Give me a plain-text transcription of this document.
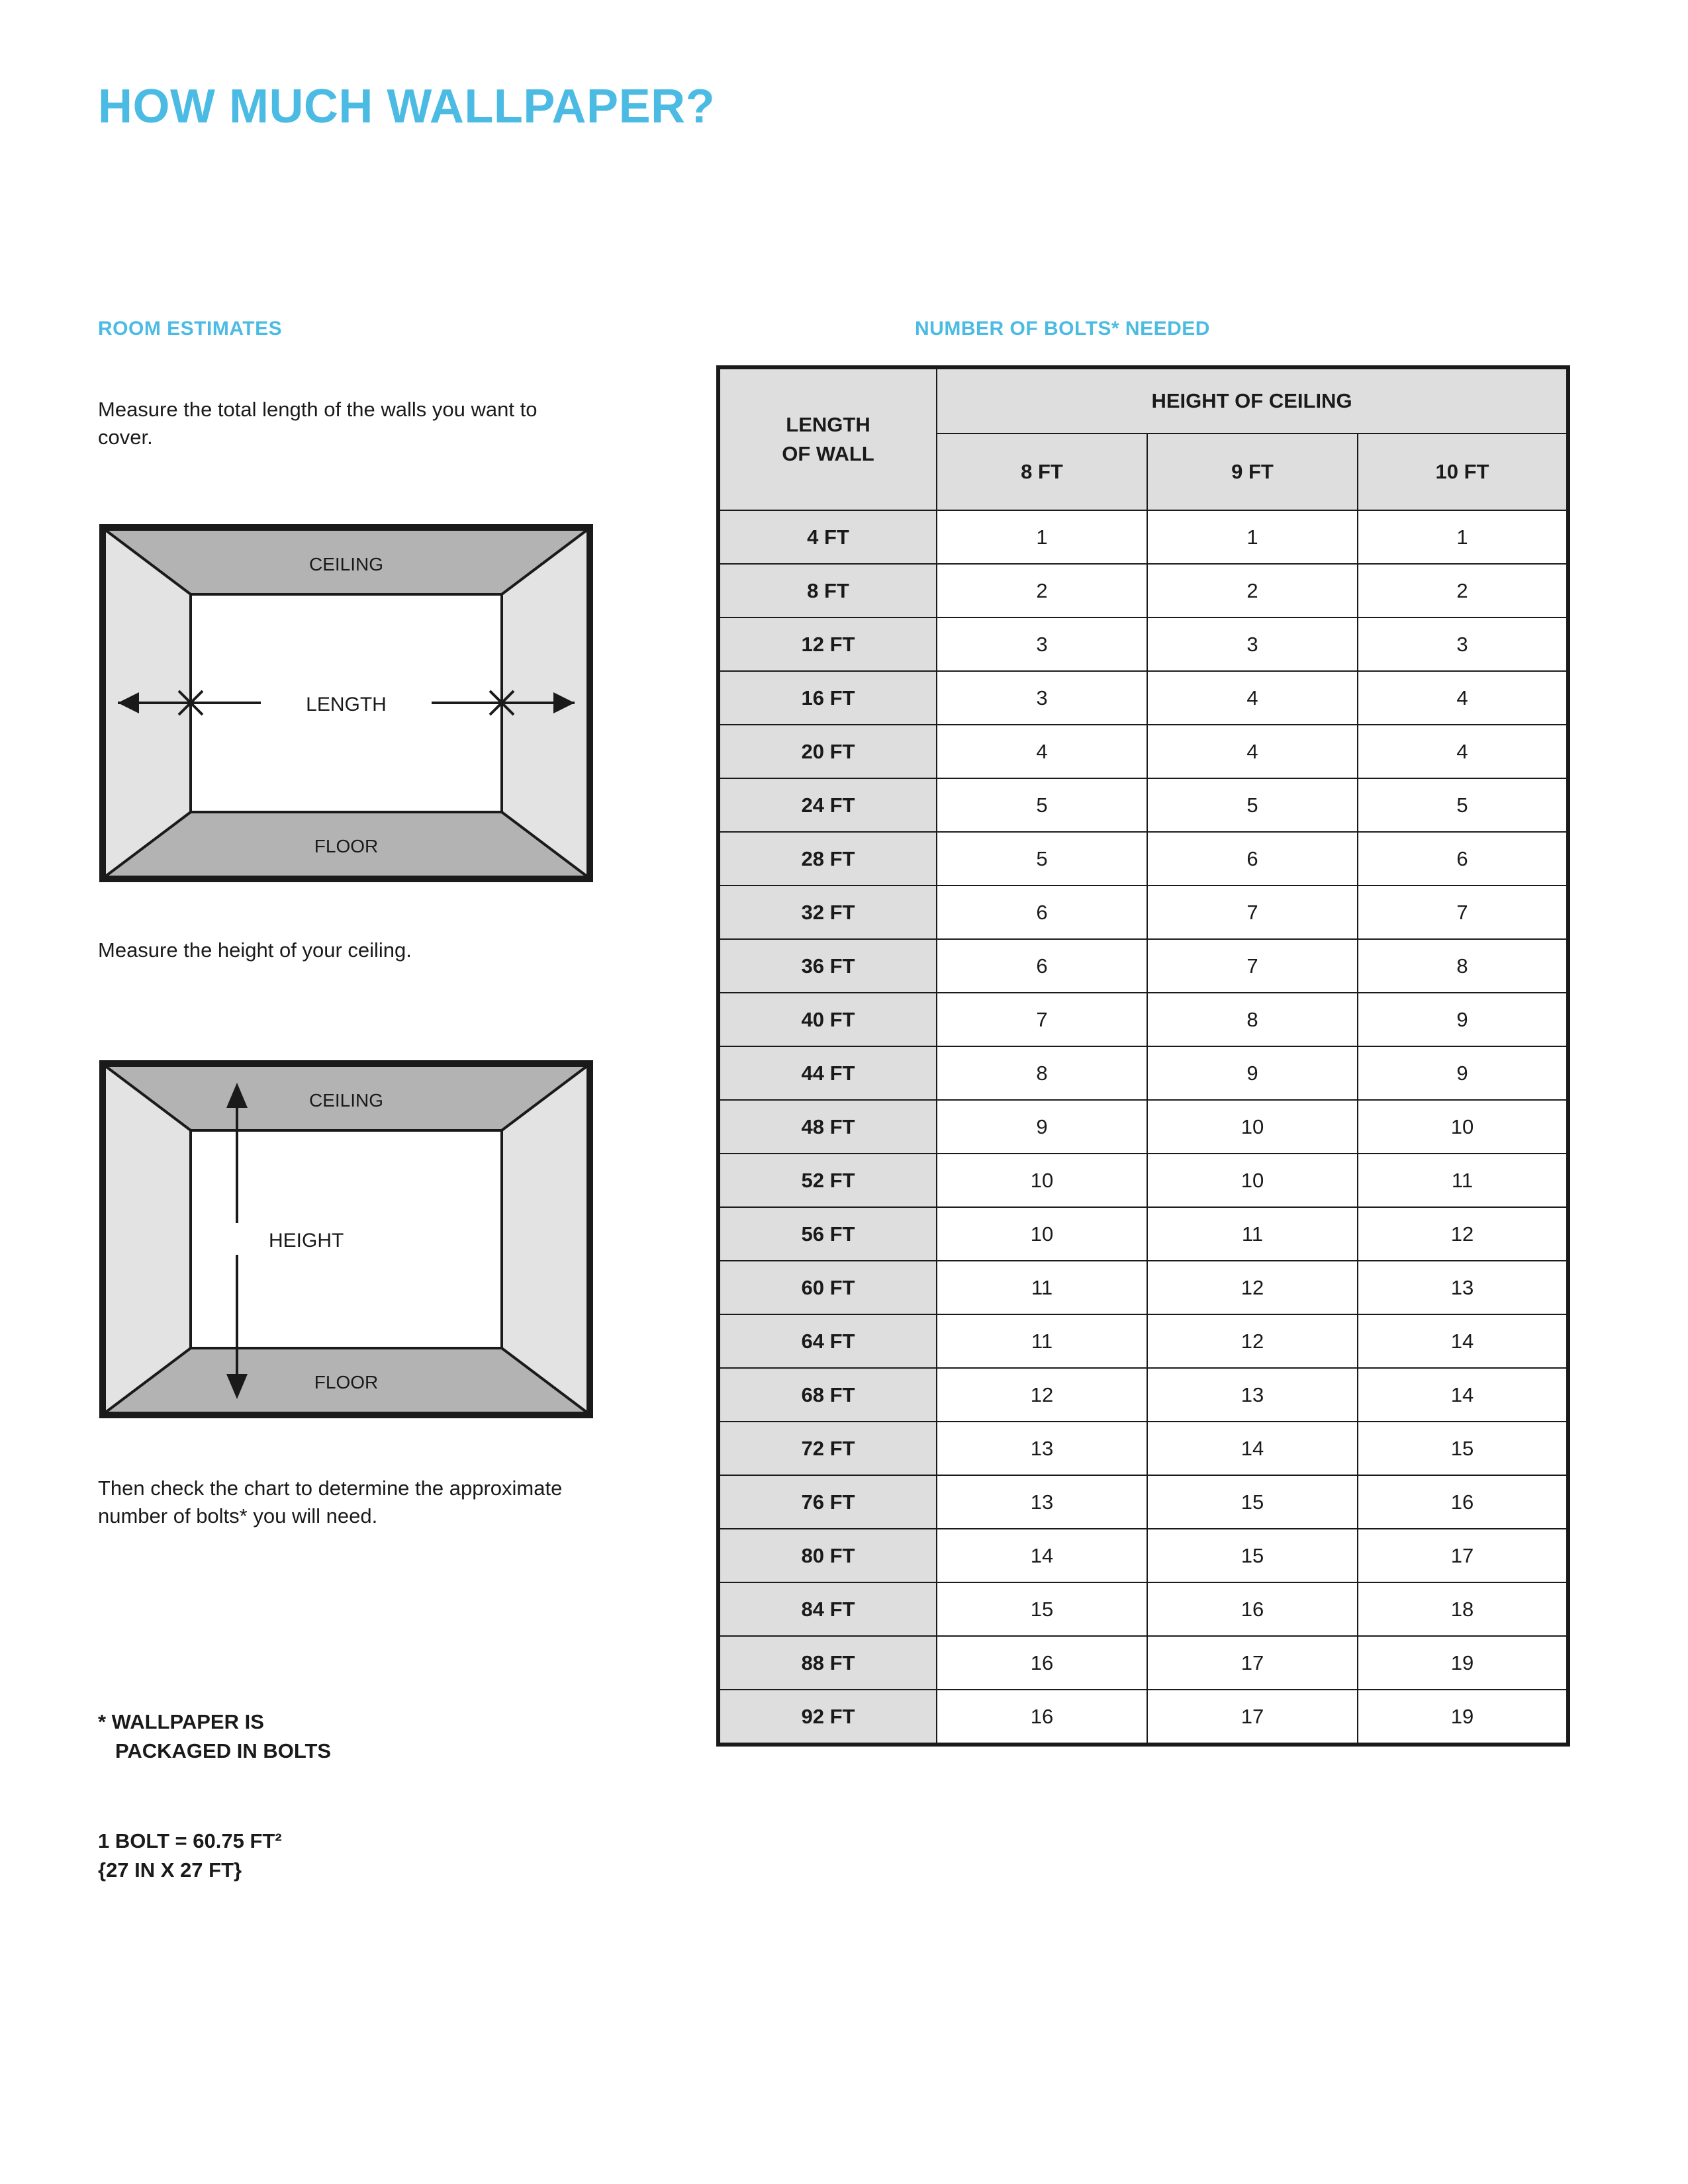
HOW MUCH WALLPAPER?
ROOM ESTIMATES
Measure the total length of the walls you want to cover.
LENGTH
CEILING
FLOOR
Measure the height of your ceiling.
HEIGHT
CEILING
FLOOR
Then check the chart to determine the approximate number of bolts* you will need.
* WALLPAPER IS

PACKAGED IN BOLTS
1 BOLT = 60.75 FT²
{27 IN X 27 FT}
NUMBER OF BOLTS* NEEDED
LENGTH
OF WALL	HEIGHT OF CEILING		
	8 FT	9 FT	10 FT
4 FT	1	1	1
8 FT	2	2	2
12 FT	3	3	3
16 FT	3	4	4
20 FT	4	4	4
24 FT	5	5	5
28 FT	5	6	6
32 FT	6	7	7
36 FT	6	7	8
40 FT	7	8	9
44 FT	8	9	9
48 FT	9	10	10
52 FT	10	10	11
56 FT	10	11	12
60 FT	11	12	13
64 FT	11	12	14
68 FT	12	13	14
72 FT	13	14	15
76 FT	13	15	16
80 FT	14	15	17
84 FT	15	16	18
88 FT	16	17	19
92 FT	16	17	19
